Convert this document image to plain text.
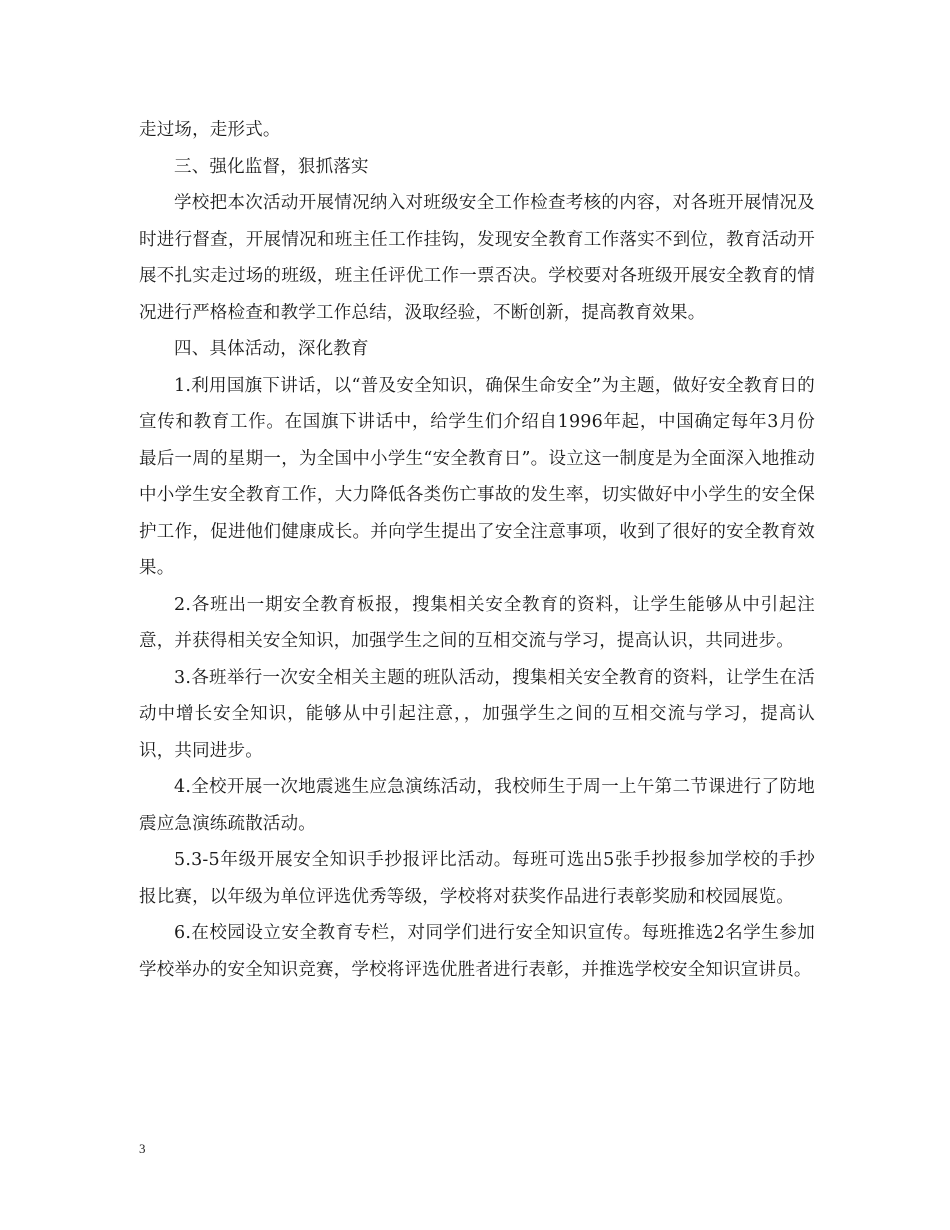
走过场，走形式。

三、强化监督，狠抓落实

学校把本次活动开展情况纳入对班级安全工作检查考核的内容，对各班开展情况及时进行督查，开展情况和班主任工作挂钩，发现安全教育工作落实不到位，教育活动开展不扎实走过场的班级，班主任评优工作一票否决。学校要对各班级开展安全教育的情况进行严格检查和教学工作总结，汲取经验，不断创新，提高教育效果。

四、具体活动，深化教育

1.利用国旗下讲话，以“普及安全知识，确保生命安全”为主题，做好安全教育日的宣传和教育工作。在国旗下讲话中，给学生们介绍自1996年起，中国确定每年3月份最后一周的星期一，为全国中小学生“安全教育日”。设立这一制度是为全面深入地推动中小学生安全教育工作，大力降低各类伤亡事故的发生率，切实做好中小学生的安全保护工作，促进他们健康成长。并向学生提出了安全注意事项，收到了很好的安全教育效果。

2.各班出一期安全教育板报，搜集相关安全教育的资料，让学生能够从中引起注意，并获得相关安全知识，加强学生之间的互相交流与学习，提高认识，共同进步。

3.各班举行一次安全相关主题的班队活动，搜集相关安全教育的资料，让学生在活动中增长安全知识，能够从中引起注意，，加强学生之间的互相交流与学习，提高认识，共同进步。

4.全校开展一次地震逃生应急演练活动，我校师生于周一上午第二节课进行了防地震应急演练疏散活动。

5.3-5年级开展安全知识手抄报评比活动。每班可选出5张手抄报参加学校的手抄报比赛，以年级为单位评选优秀等级，学校将对获奖作品进行表彰奖励和校园展览。

6.在校园设立安全教育专栏，对同学们进行安全知识宣传。每班推选2名学生参加学校举办的安全知识竞赛，学校将评选优胜者进行表彰，并推选学校安全知识宣讲员。

3
